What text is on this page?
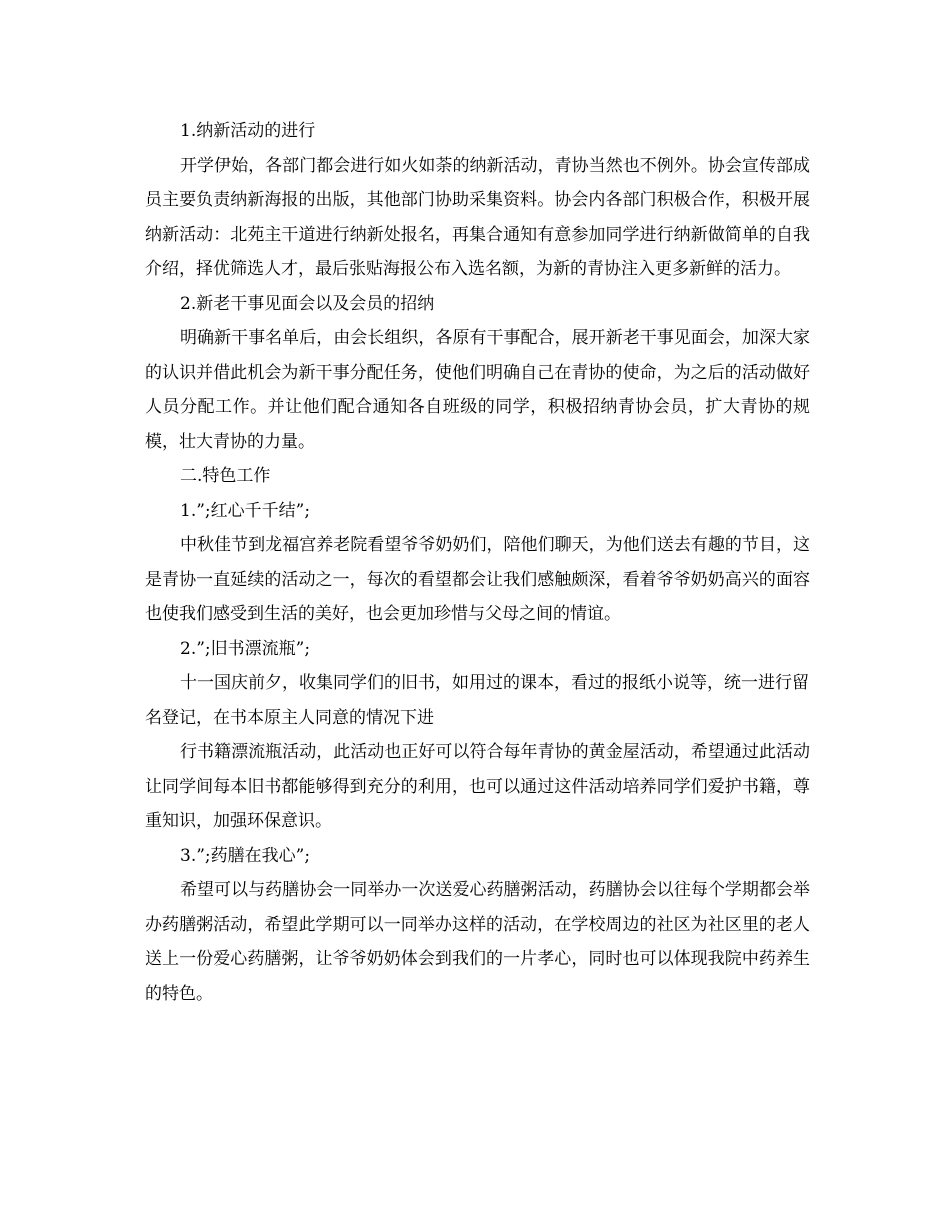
1.纳新活动的进行

开学伊始，各部门都会进行如火如荼的纳新活动，青协当然也不例外。协会宣传部成员主要负责纳新海报的出版，其他部门协助采集资料。协会内各部门积极合作，积极开展纳新活动：北苑主干道进行纳新处报名，再集合通知有意参加同学进行纳新做简单的自我介绍，择优筛选人才，最后张贴海报公布入选名额，为新的青协注入更多新鲜的活力。

2.新老干事见面会以及会员的招纳

明确新干事名单后，由会长组织，各原有干事配合，展开新老干事见面会，加深大家的认识并借此机会为新干事分配任务，使他们明确自己在青协的使命，为之后的活动做好人员分配工作。并让他们配合通知各自班级的同学，积极招纳青协会员，扩大青协的规模，壮大青协的力量。

二.特色工作

1.”;红心千千结”;

中秋佳节到龙福宫养老院看望爷爷奶奶们，陪他们聊天，为他们送去有趣的节目，这是青协一直延续的活动之一，每次的看望都会让我们感触颇深，看着爷爷奶奶高兴的面容也使我们感受到生活的美好，也会更加珍惜与父母之间的情谊。

2.”;旧书漂流瓶”;

十一国庆前夕，收集同学们的旧书，如用过的课本，看过的报纸小说等，统一进行留名登记，在书本原主人同意的情况下进

行书籍漂流瓶活动，此活动也正好可以符合每年青协的黄金屋活动，希望通过此活动让同学间每本旧书都能够得到充分的利用，也可以通过这件活动培养同学们爱护书籍，尊重知识，加强环保意识。

3.”;药膳在我心”;

希望可以与药膳协会一同举办一次送爱心药膳粥活动，药膳协会以往每个学期都会举办药膳粥活动，希望此学期可以一同举办这样的活动，在学校周边的社区为社区里的老人送上一份爱心药膳粥，让爷爷奶奶体会到我们的一片孝心，同时也可以体现我院中药养生的特色。
